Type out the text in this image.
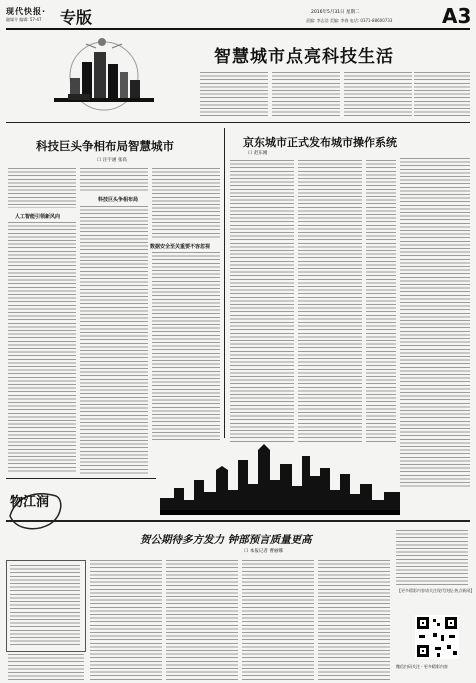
现代快报·
融媒介 编辑: 57-47 专版	2016年5月31日 星期二
责编: 李志浩 美编: 李春 电话: 0371-88600733 A3
智慧城市点亮科技生活
科技巨头争相布局智慧城市
口 汪宇涵 张高
人工智能引领新风向
科技巨头争相布局
数据安全至关重要不容忽视
京东城市正式发布城市操作系统
口 赵东刚
物江润
贺公期待多方发力 钟部预言质量更高
口 本报记者 曹丽娜
【更多精彩内容请关注现代快报·热点新闻】
微信扫码关注 · 更多精彩内容
